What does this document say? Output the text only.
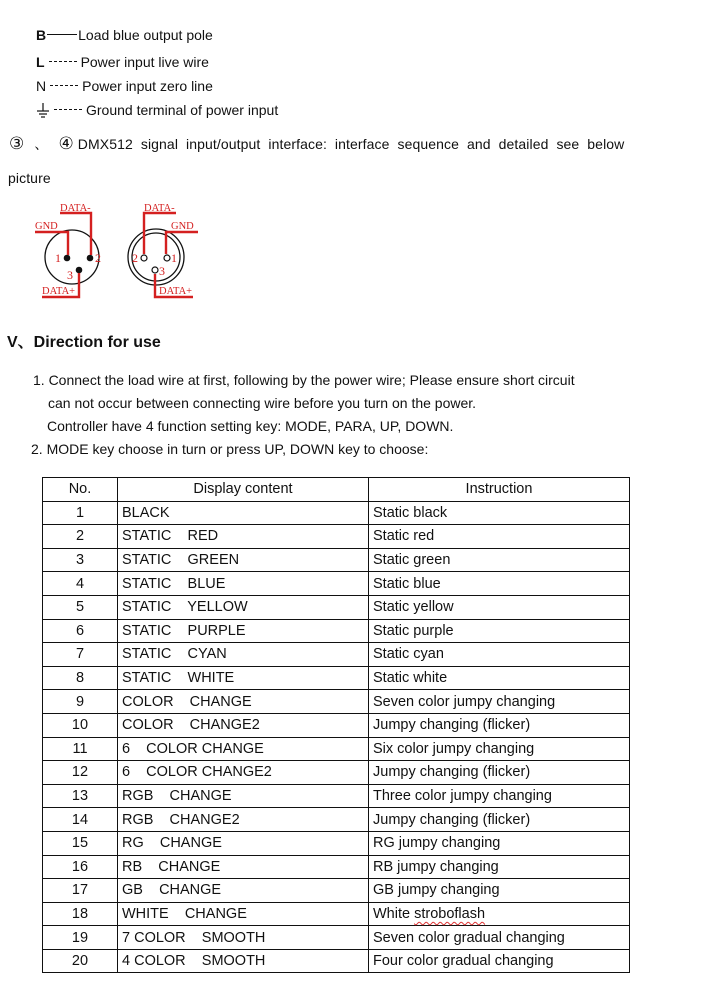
B Load blue output pole
L	Power input live wire
N	Power input zero line
Ground terminal of power input
③ 、 ④ DMX512  signal  input/output  interface:  interface  sequence  and  detailed  see  below
picture
DATA-
GND
DATA+
1	2
3
DATA-
GND
DATA+
1
2
3
V、Direction for use
1. Connect the load wire at first, following by the power wire; Please ensure short circuit
can not occur between connecting wire before you turn on the power.
Controller have 4 function setting key: MODE, PARA, UP, DOWN.
2. MODE key choose in turn or press UP, DOWN key to choose:
No.	Display content	Instruction
1	BLACK	Static black
2	STATIC    RED	Static red
3	STATIC    GREEN	Static green
4	STATIC    BLUE	Static blue
5	STATIC    YELLOW	Static yellow
6	STATIC    PURPLE	Static purple
7	STATIC    CYAN	Static cyan
8	STATIC    WHITE	Static white
9	COLOR    CHANGE	Seven color jumpy changing
10	COLOR    CHANGE2	Jumpy changing (flicker)
11	6    COLOR CHANGE	Six color jumpy changing
12	6    COLOR CHANGE2	Jumpy changing (flicker)
13	RGB    CHANGE	Three color jumpy changing
14	RGB    CHANGE2	Jumpy changing (flicker)
15	RG    CHANGE	RG jumpy changing
16	RB    CHANGE	RB jumpy changing
17	GB    CHANGE	GB jumpy changing
18	WHITE    CHANGE	White stroboflash
19	7 COLOR    SMOOTH	Seven color gradual changing
20	4 COLOR    SMOOTH	Four color gradual changing
